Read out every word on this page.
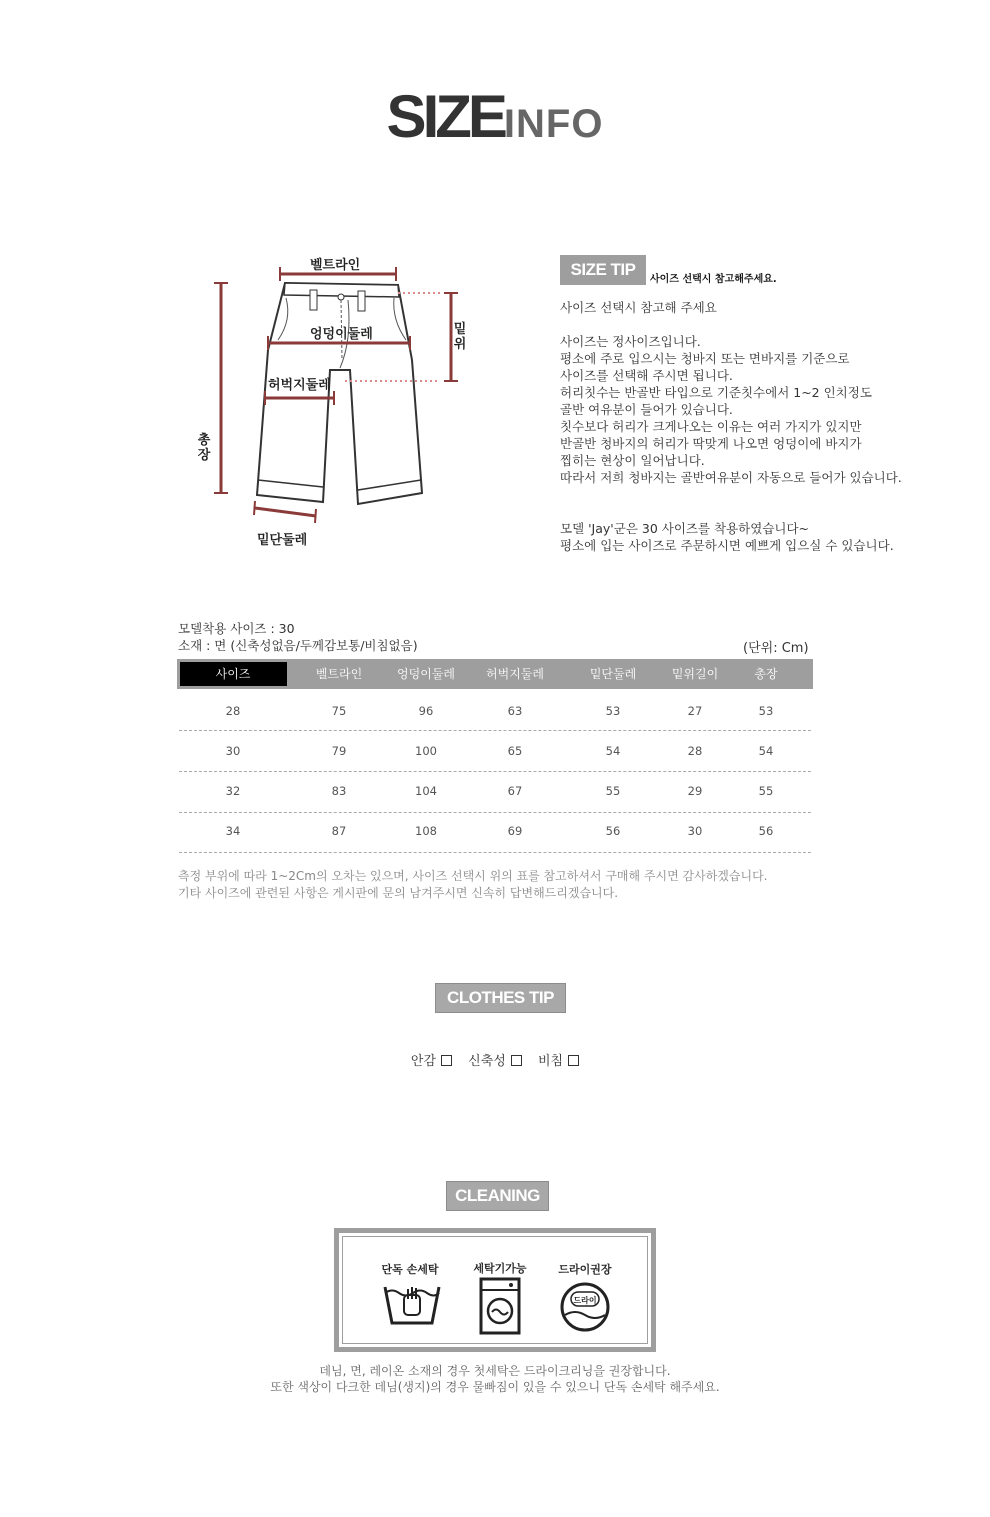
SIZEINFO
벨트라인
엉덩이둘레
허벅지둘레
밑단둘레
총
장
밑
위
SIZE TIP
사이즈 선택시 참고해주세요.
사이즈 선택시 참고해 주세요
사이즈는 정사이즈입니다.
평소에 주로 입으시는 청바지 또는 면바지를 기준으로
사이즈를 선택해 주시면 됩니다.
허리칫수는 반골반 타입으로 기준칫수에서 1~2 인치정도
골반 여유분이 들어가 있습니다.
칫수보다 허리가 크게나오는 이유는 여러 가지가 있지만
반골반 청바지의 허리가 딱맞게 나오면 엉덩이에 바지가
찝히는 현상이 일어납니다.
따라서 저희 청바지는 골반여유분이 자동으로 들어가 있습니다.
모델 'Jay'군은 30 사이즈를 착용하였습니다~
평소에 입는 사이즈로 주문하시면 예쁘게 입으실 수 있습니다.
모델착용 사이즈 : 30
소재 : 면 (신축성없음/두께감보통/비침없음)	(단위: Cm)
사이즈	벨트라인	엉덩이둘레	허벅지둘레	밑단둘레	밑위길이	총장
28	75	96	63	53	27	53
30	79	100	65	54	28	54
32	83	104	67	55	29	55
34	87	108	69	56	30	56
측정 부위에 따라 1~2Cm의 오차는 있으며, 사이즈 선택시 위의 표를 참고하셔서 구매해 주시면 감사하겠습니다.
기타 사이즈에 관련된 사항은 게시판에 문의 남겨주시면 신속히 답변해드리겠습니다.
CLOTHES TIP
안감 신축성 비침
CLEANING
단독 손세탁	세탁기가능	드라이권장
드라이
데님, 면, 레이온 소재의 경우 첫세탁은 드라이크리닝을 권장합니다.
또한 색상이 다크한 데님(생지)의 경우 물빠짐이 있을 수 있으니 단독 손세탁 해주세요.
